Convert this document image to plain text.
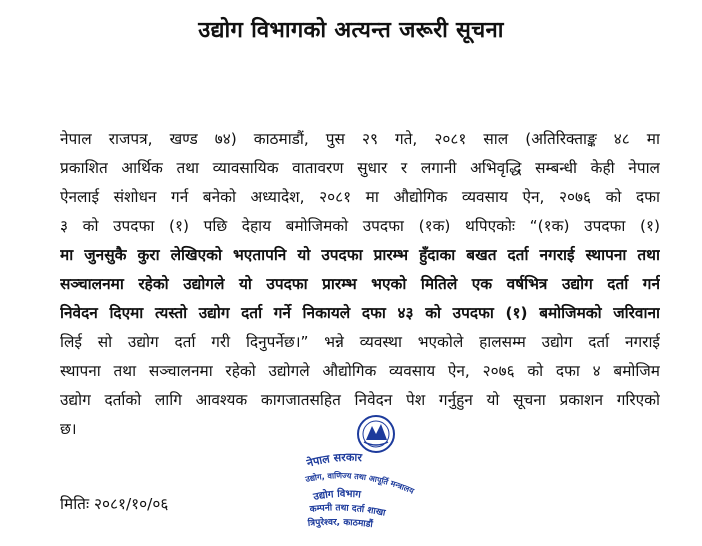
उद्योग विभागको अत्यन्त जरूरी सूचना
नेपाल राजपत्र, खण्ड ७४) काठमाडौं, पुस २९ गते, २०८१ साल (अतिरिक्ताङ्क ४८ मा
प्रकाशित आर्थिक तथा व्यावसायिक वातावरण सुधार र लगानी अभिवृद्धि सम्बन्धी केही नेपाल
ऐनलाई संशोधन गर्न बनेको अध्यादेश, २०८१ मा औद्योगिक व्यवसाय ऐन, २०७६ को दफा
३ को उपदफा (१) पछि देहाय बमोजिमको उपदफा (१क) थपिएकोः “(१क) उपदफा (१)
मा जुनसुकै कुरा लेखिएको भएतापनि यो उपदफा प्रारम्भ हुँदाका बखत दर्ता नगराई स्थापना तथा
सञ्चालनमा रहेको उद्योगले यो उपदफा प्रारम्भ भएको मितिले एक वर्षभित्र उद्योग दर्ता गर्न
निवेदन दिएमा त्यस्तो उद्योग दर्ता गर्ने निकायले दफा ४३ को उपदफा (१) बमोजिमको जरिवाना
लिई सो उद्योग दर्ता गरी दिनुपर्नेछ।” भन्ने व्यवस्था भएकोले हालसम्म उद्योग दर्ता नगराई
स्थापना तथा सञ्चालनमा रहेको उद्योगले औद्योगिक व्यवसाय ऐन, २०७६ को दफा ४ बमोजिम
उद्योग दर्ताको लागि आवश्यक कागजातसहित निवेदन पेश गर्नुहुन यो सूचना प्रकाशन गरिएको
छ।
मितिः २०८१/१०/०६
नेपाल सरकार
उद्योग, वाणिज्य तथा आपूर्ति मन्त्रालय
उद्योग विभाग
कम्पनी तथा दर्ता शाखा
त्रिपुरेश्वर, काठमाडौं
